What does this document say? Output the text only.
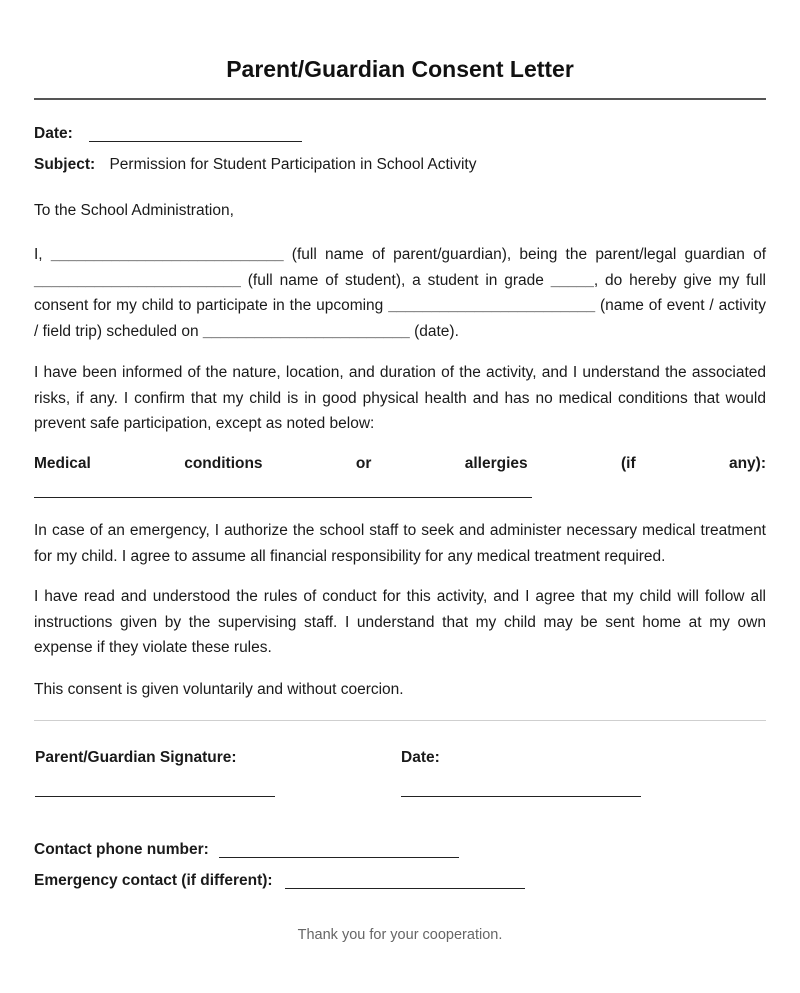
Parent/Guardian Consent Letter
Date:
Subject: Permission for Student Participation in School Activity
To the School Administration,
I, ___________________________ (full name of parent/guardian), being the parent/legal guardian of ________________________ (full name of student), a student in grade _____, do hereby give my full consent for my child to participate in the upcoming ________________________ (name of event / activity / field trip) scheduled on ________________________ (date).
I have been informed of the nature, location, and duration of the activity, and I understand the associated risks, if any. I confirm that my child is in good physical health and has no medical conditions that would prevent safe participation, except as noted below:
Medical conditions or allergies (if any):
In case of an emergency, I authorize the school staff to seek and administer necessary medical treatment for my child. I agree to assume all financial responsibility for any medical treatment required.
I have read and understood the rules of conduct for this activity, and I agree that my child will follow all instructions given by the supervising staff. I understand that my child may be sent home at my own expense if they violate these rules.
This consent is given voluntarily and without coercion.
Parent/Guardian Signature:	Date:
Contact phone number:
Emergency contact (if different):
Thank you for your cooperation.
